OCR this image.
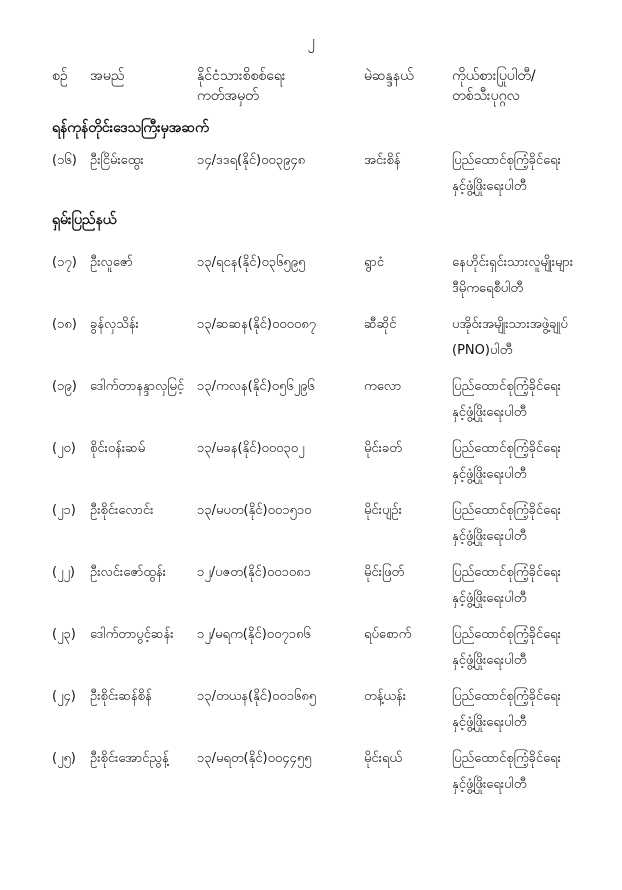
၂
စဉ် အမည်	နိုင်ငံသားစိစစ်ရေး
ကတ်အမှတ်
မဲဆန္ဒနယ်	ကိုယ်စားပြုပါတီ/
တစ်သီးပုဂ္ဂလ
ရန်ကုန်တိုင်းဒေသကြီးမှအဆက်
(၁၆) ဦးငြိမ်းထွေး	၁၄/ဒဒရ(နိုင်)၀၀၃၉၄၈	အင်းစိန်	ပြည်ထောင်စုကြံ့ခိုင်ရေး
နှင့်ဖွံ့ဖြိုးရေးပါတီ
ရှမ်းပြည်နယ်
(၁၇) ဦးလူဇော်	၁၃/ရငန(နိုင်)၀၃၆၅၉၅	ရွာငံ	နေဟိုင်းရှင်းသားလူမျိုးများ
ဒီမိုကရေစီပါတီ
(၁၈) ခွန်လှသိန်း	၁၃/ဆဆန(နိုင်)၀၀၀၀၈၇	ဆီဆိုင်	ပအိုဝ်းအမျိုးသားအဖွဲ့ချုပ်
(PNO)ပါတီ
(၁၉) ဒေါက်တာနန္ဒာလှမြင့် ၁၃/ကလန(နိုင်)၀၅၆၂၉၆	ကလော	ပြည်ထောင်စုကြံ့ခိုင်ရေး
နှင့်ဖွံ့ဖြိုးရေးပါတီ
(၂၀) စိုင်းဝန်းဆမ်	၁၃/မခန(နိုင်)၀၀၀၃၀၂	မိုင်းခတ်	ပြည်ထောင်စုကြံ့ခိုင်ရေး
နှင့်ဖွံ့ဖြိုးရေးပါတီ
(၂၁) ဦးစိုင်းလောင်း	၁၃/မပတ(နိုင်)၀၀၁၅၁၀	မိုင်းပျဉ်း	ပြည်ထောင်စုကြံ့ခိုင်ရေး
နှင့်ဖွံ့ဖြိုးရေးပါတီ
(၂၂) ဦးလင်းဇော်ထွန်း ၁၂/ပဇတ(နိုင်)၀၀၁၀၈၁	မိုင်းဖြတ်	ပြည်ထောင်စုကြံ့ခိုင်ရေး
နှင့်ဖွံ့ဖြိုးရေးပါတီ
(၂၃) ဒေါက်တာပွင့်ဆန်း ၁၂/မရက(နိုင်)၀၀၇၁၈၆	ရပ်စောက်	ပြည်ထောင်စုကြံ့ခိုင်ရေး
နှင့်ဖွံ့ဖြိုးရေးပါတီ
(၂၄) ဦးစိုင်းဆန်စိန်	၁၃/တယန(နိုင်)၀၀၁၆၈၅	တန့်ယန်း	ပြည်ထောင်စုကြံ့ခိုင်ရေး
နှင့်ဖွံ့ဖြိုးရေးပါတီ
(၂၅) ဦးစိုင်းအောင်ညွန့် ၁၃/မရတ(နိုင်)၀၀၄၄၅၅	မိုင်းရယ်	ပြည်ထောင်စုကြံ့ခိုင်ရေး
နှင့်ဖွံ့ဖြိုးရေးပါတီ
